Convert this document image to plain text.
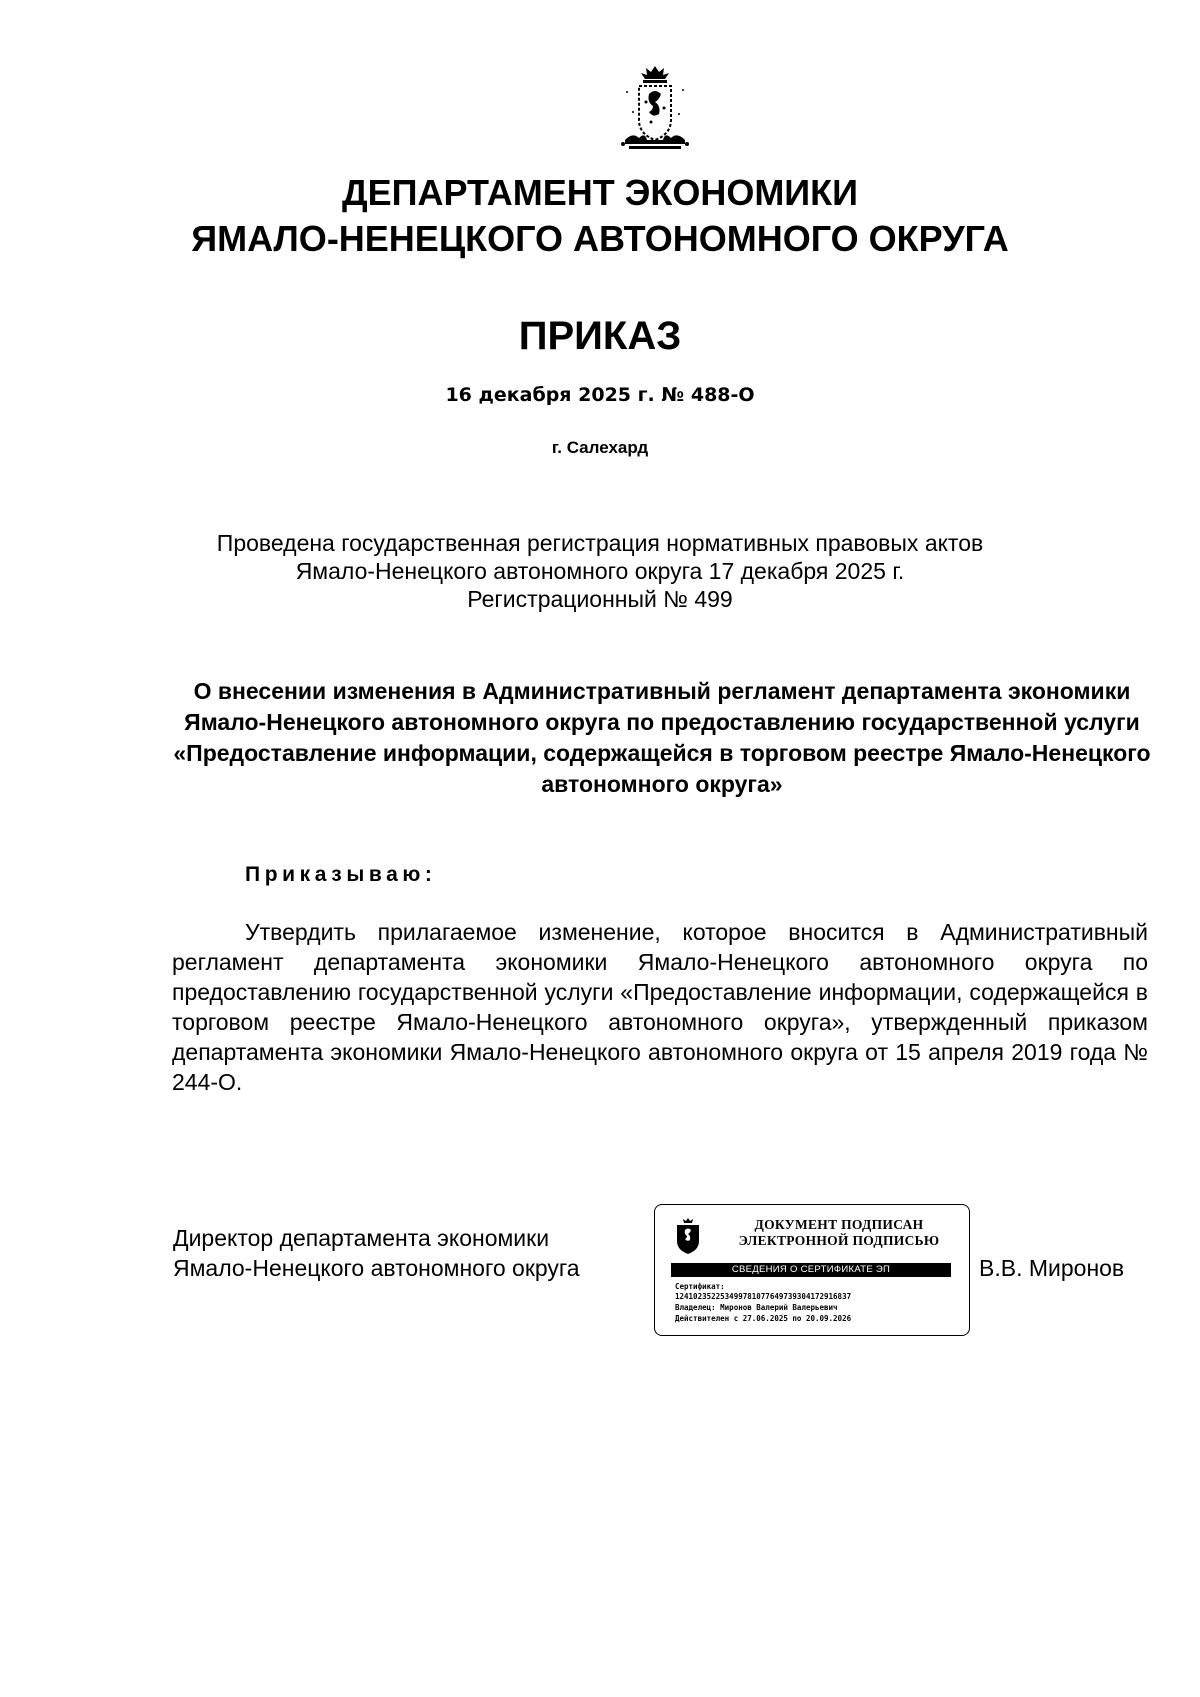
ДЕПАРТАМЕНТ ЭКОНОМИКИ
ЯМАЛО-НЕНЕЦКОГО АВТОНОМНОГО ОКРУГА
ПРИКАЗ
16 декабря 2025 г. № 488-О
г. Салехард
Проведена государственная регистрация нормативных правовых актов
Ямало-Ненецкого автономного округа 17 декабря 2025 г.
Регистрационный № 499
О внесении изменения в Административный регламент департамента экономики Ямало-Ненецкого автономного округа по предоставлению государственной услуги «Предоставление информации, содержащейся в торговом реестре Ямало-Ненецкого автономного округа»
Приказываю:
Утвердить прилагаемое изменение, которое вносится в Административный регламент департамента экономики Ямало-Ненецкого автономного округа по предоставлению государственной услуги «Предоставление информации, содержащейся в торговом реестре Ямало-Ненецкого автономного округа», утвержденный приказом департамента экономики Ямало-Ненецкого автономного округа от 15 апреля 2019 года № 244-О.
Директор департамента экономики
Ямало-Ненецкого автономного округа	В.В. Миронов
ДОКУМЕНТ ПОДПИСАН
ЭЛЕКТРОННОЙ ПОДПИСЬЮ
СВЕДЕНИЯ О СЕРТИФИКАТЕ ЭП
Сертификат:
12410235225349978107764973930417291683​7
Владелец: Миронов Валерий Валерьевич
Действителен с 27.06.2025 по 20.09.2026
